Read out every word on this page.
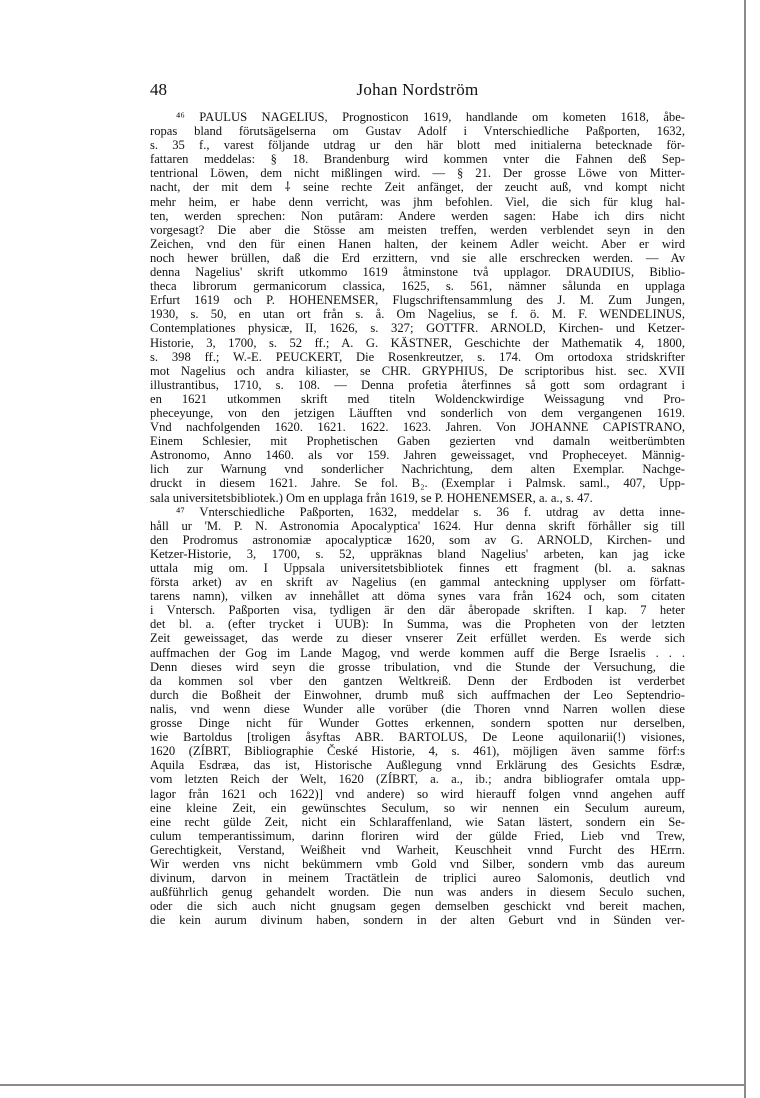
48	Johan Nordström
⁴⁶ PAULUS NAGELIUS, Prognosticon 1619, handlande om kometen 1618, åbe-
ropas bland förutsägelserna om Gustav Adolf i Vnterschiedliche Paßporten, 1632,
s. 35 f., varest följande utdrag ur den här blott med initialerna betecknade för-
fattaren meddelas: § 18. Brandenburg wird kommen vnter die Fahnen deß Sep-
tentrional Löwen, dem nicht mißlingen wird. — § 21. Der grosse Löwe von Mitter-
nacht, der mit dem ⸸ seine rechte Zeit anfänget, der zeucht auß, vnd kompt nicht
mehr heim, er habe denn verricht, was jhm befohlen. Viel, die sich für klug hal-
ten, werden sprechen: Non putâram: Andere werden sagen: Habe ich dirs nicht
vorgesagt? Die aber die Stösse am meisten treffen, werden verblendet seyn in den
Zeichen, vnd den für einen Hanen halten, der keinem Adler weicht. Aber er wird
noch hewer brüllen, daß die Erd erzittern, vnd sie alle erschrecken werden. — Av
denna Nagelius' skrift utkommo 1619 åtminstone två upplagor. DRAUDIUS, Biblio-
theca librorum germanicorum classica, 1625, s. 561, nämner sålunda en upplaga
Erfurt 1619 och P. HOHENEMSER, Flugschriftensammlung des J. M. Zum Jungen,
1930, s. 50, en utan ort från s. å. Om Nagelius, se f. ö. M. F. WENDELINUS,
Contemplationes physicæ, II, 1626, s. 327; GOTTFR. ARNOLD, Kirchen- und Ketzer-
Historie, 3, 1700, s. 52 ff.; A. G. KÄSTNER, Geschichte der Mathematik 4, 1800,
s. 398 ff.; W.-E. PEUCKERT, Die Rosenkreutzer, s. 174. Om ortodoxa stridskrifter
mot Nagelius och andra kiliaster, se CHR. GRYPHIUS, De scriptoribus hist. sec. XVII
illustrantibus, 1710, s. 108. — Denna profetia återfinnes så gott som ordagrant i
en 1621 utkommen skrift med titeln Woldenckwirdige Weissagung vnd Pro-
pheceyunge, von den jetzigen Läufften vnd sonderlich von dem vergangenen 1619.
Vnd nachfolgenden 1620. 1621. 1622. 1623. Jahren. Von JOHANNE CAPISTRANO,
Einem Schlesier, mit Prophetischen Gaben gezierten vnd damaln weitberümbten
Astronomo, Anno 1460. als vor 159. Jahren geweissaget, vnd Propheceyet. Männig-
lich zur Warnung vnd sonderlicher Nachrichtung, dem alten Exemplar. Nachge-
druckt in diesem 1621. Jahre. Se fol. B₂. (Exemplar i Palmsk. saml., 407, Upp-
sala universitetsbibliotek.) Om en upplaga från 1619, se P. HOHENEMSER, a. a., s. 47.
⁴⁷ Vnterschiedliche Paßporten, 1632, meddelar s. 36 f. utdrag av detta inne-
håll ur 'M. P. N. Astronomia Apocalyptica' 1624. Hur denna skrift förhåller sig till
den Prodromus astronomiæ apocalypticæ 1620, som av G. ARNOLD, Kirchen- und
Ketzer-Historie, 3, 1700, s. 52, uppräknas bland Nagelius' arbeten, kan jag icke
uttala mig om. I Uppsala universitetsbibliotek finnes ett fragment (bl. a. saknas
första arket) av en skrift av Nagelius (en gammal anteckning upplyser om författ-
tarens namn), vilken av innehållet att döma synes vara från 1624 och, som citaten
i Vntersch. Paßporten visa, tydligen är den där åberopade skriften. I kap. 7 heter
det bl. a. (efter trycket i UUB): In Summa, was die Propheten von der letzten
Zeit geweissaget, das werde zu dieser vnserer Zeit erfüllet werden. Es werde sich
auffmachen der Gog im Lande Magog, vnd werde kommen auff die Berge Israelis . . .
Denn dieses wird seyn die grosse tribulation, vnd die Stunde der Versuchung, die
da kommen sol vber den gantzen Weltkreiß. Denn der Erdboden ist verderbet
durch die Boßheit der Einwohner, drumb muß sich auffmachen der Leo Septendrio-
nalis, vnd wenn diese Wunder alle vorüber (die Thoren vnnd Narren wollen diese
grosse Dinge nicht für Wunder Gottes erkennen, sondern spotten nur derselben,
wie Bartoldus [troligen åsyftas ABR. BARTOLUS, De Leone aquilonarii(!) visiones,
1620 (ZÍBRT, Bibliographie České Historie, 4, s. 461), möjligen även samme förf:s
Aquila Esdræa, das ist, Historische Außlegung vnnd Erklärung des Gesichts Esdræ,
vom letzten Reich der Welt, 1620 (ZÍBRT, a. a., ib.; andra bibliografer omtala upp-
lagor från 1621 och 1622)] vnd andere) so wird hierauff folgen vnnd angehen auff
eine kleine Zeit, ein gewünschtes Seculum, so wir nennen ein Seculum aureum,
eine recht gülde Zeit, nicht ein Schlaraffenland, wie Satan lästert, sondern ein Se-
culum temperantissimum, darinn floriren wird der gülde Fried, Lieb vnd Trew,
Gerechtigkeit, Verstand, Weißheit vnd Warheit, Keuschheit vnnd Furcht des HErrn.
Wir werden vns nicht bekümmern vmb Gold vnd Silber, sondern vmb das aureum
divinum, darvon in meinem Tractätlein de triplici aureo Salomonis, deutlich vnd
außführlich genug gehandelt worden. Die nun was anders in diesem Seculo suchen,
oder die sich auch nicht gnugsam gegen demselben geschickt vnd bereit machen,
die kein aurum divinum haben, sondern in der alten Geburt vnd in Sünden ver-
